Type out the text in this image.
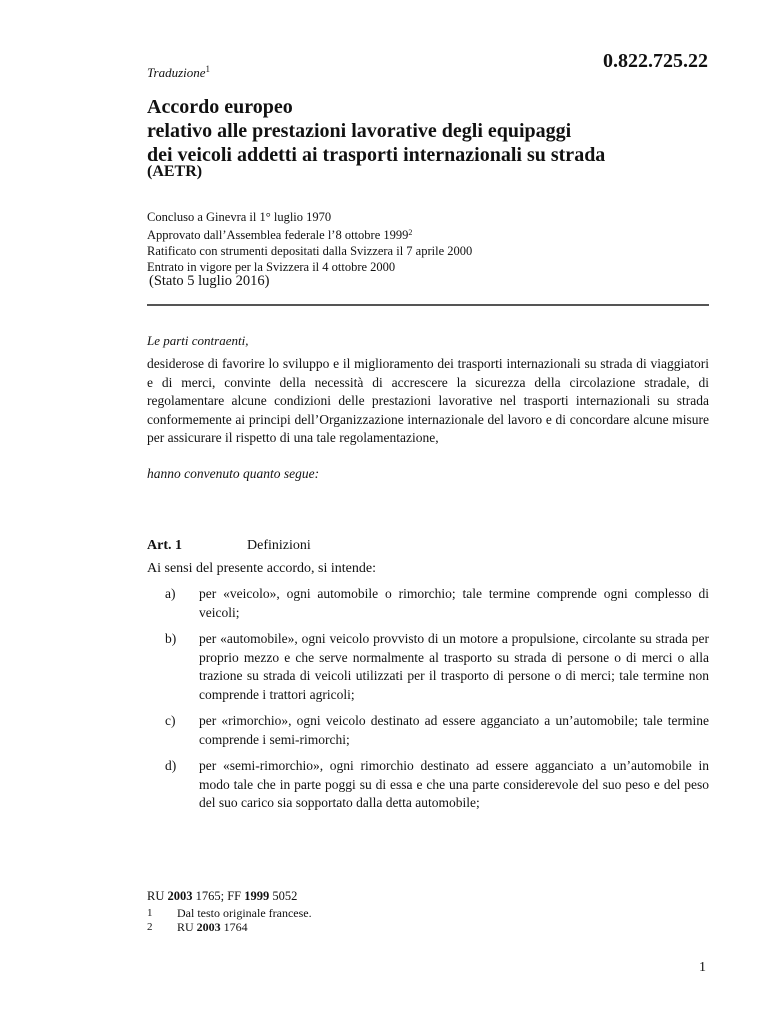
Traduzione$^1$	0.822.725.22
Accordo europeo
relativo alle prestazioni lavorative degli equipaggi
dei veicoli addetti ai trasporti internazionali su strada
(AETR)
Concluso a Ginevra il 1° luglio 1970
Approvato dall’Assemblea federale l’8 ottobre 1999$^2$
Ratificato con strumenti depositati dalla Svizzera il 7 aprile 2000
Entrato in vigore per la Svizzera il 4 ottobre 2000
(Stato 5 luglio 2016)
Le parti contraenti,
desiderose di favorire lo sviluppo e il miglioramento dei trasporti internazionali su strada di viaggiatori e di merci, convinte della necessità di accrescere la sicurezza della circolazione stradale, di regolamentare alcune condizioni delle prestazioni lavorative nel trasporti internazionali su strada conformemente ai principi dell’Organizzazione internazionale del lavoro e di concordare alcune misure per assicurare il rispetto di una tale regolamentazione,
hanno convenuto quanto segue:
Art. 1	Definizioni
Ai sensi del presente accordo, si intende:
a)	per «veicolo», ogni automobile o rimorchio; tale termine comprende ogni complesso di veicoli;
b)	per «automobile», ogni veicolo provvisto di un motore a propulsione, circolante su strada per proprio mezzo e che serve normalmente al trasporto su strada di persone o di merci o alla trazione su strada di veicoli utilizzati per il trasporto di persone o di merci; tale termine non comprende i trattori agricoli;
c)	per «rimorchio», ogni veicolo destinato ad essere agganciato a un’automobile; tale termine comprende i semi-rimorchi;
d)	per «semi-rimorchio», ogni rimorchio destinato ad essere agganciato a un’automobile in modo tale che in parte poggi su di essa e che una parte considerevole del suo peso e del peso del suo carico sia sopportato dalla detta automobile;
RU 2003 1765; FF 1999 5052
1	Dal testo originale francese.
2	RU 2003 1764
1
